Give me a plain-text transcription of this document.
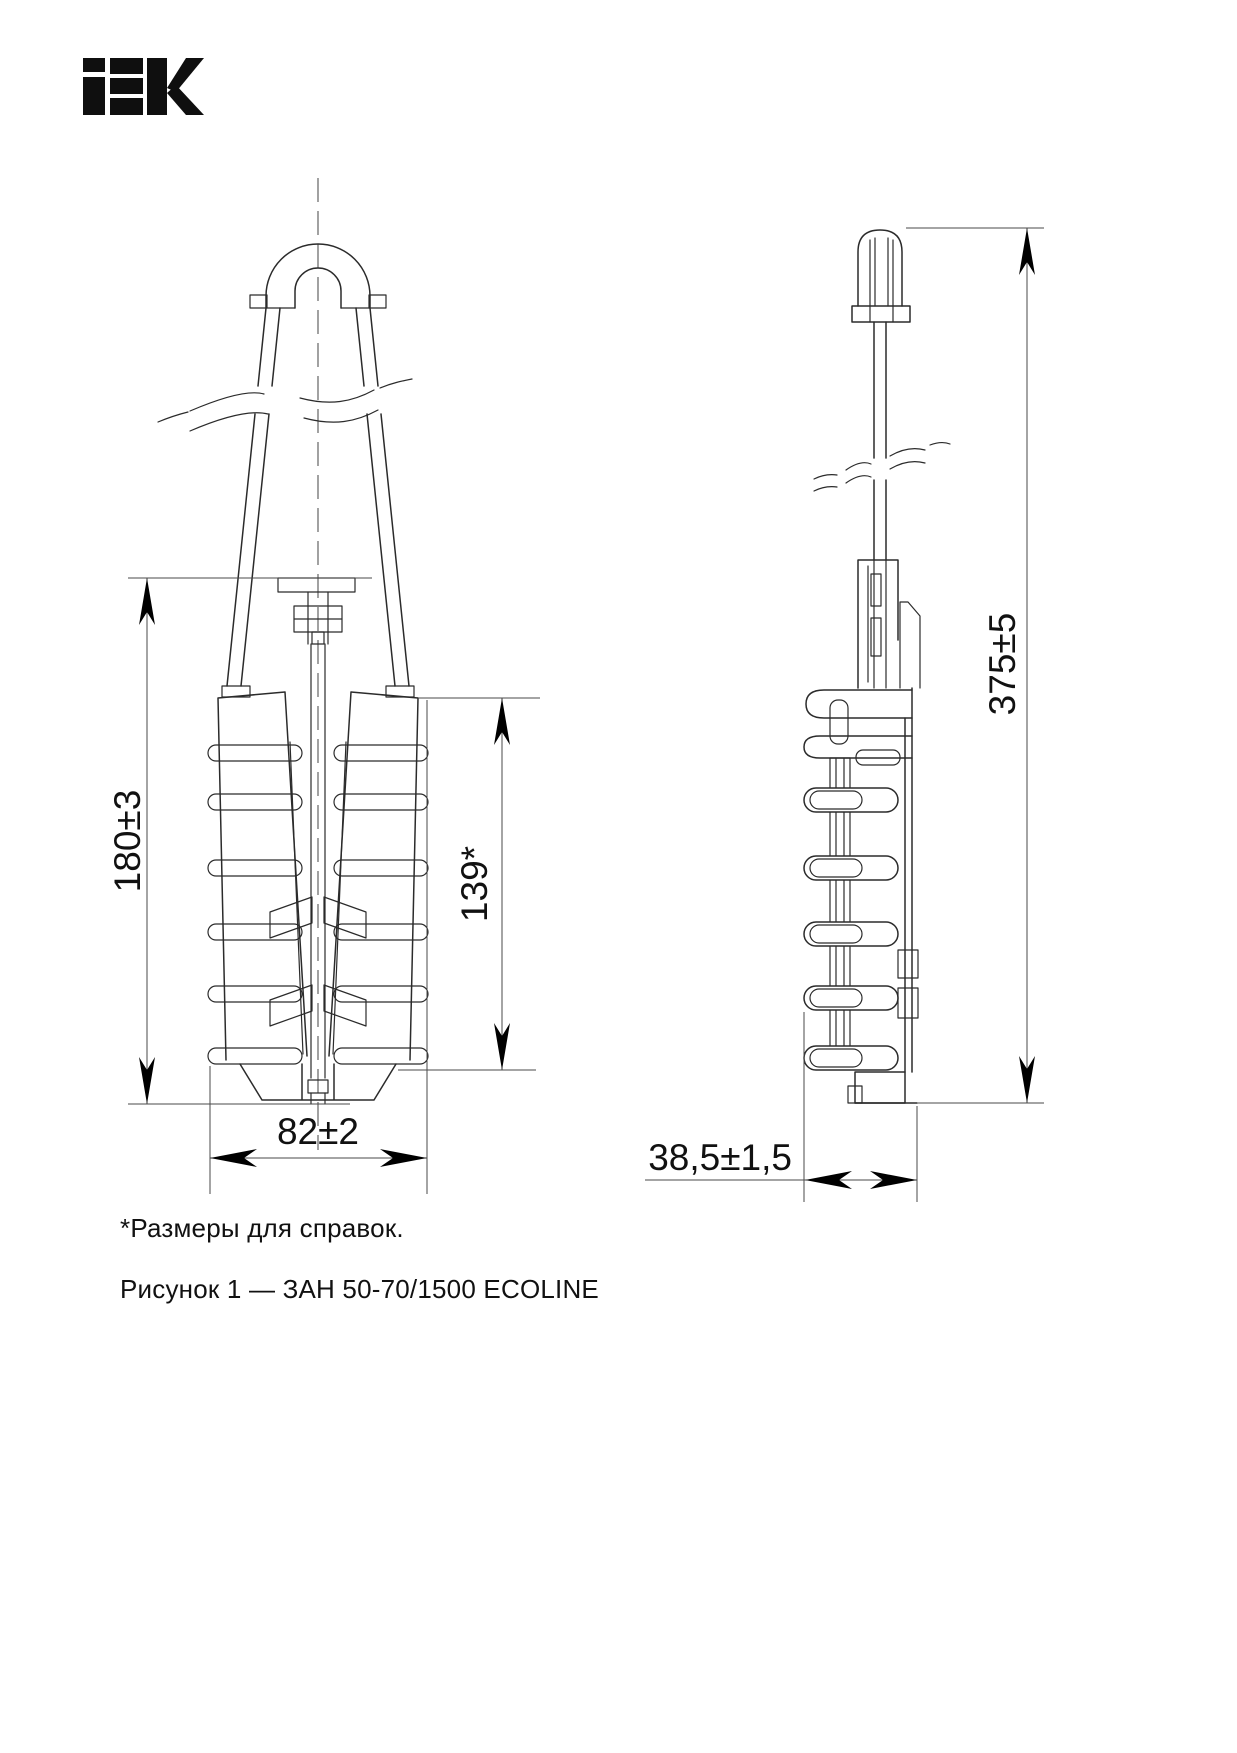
180±3	139*
82±2
375±5
38,5±1,5
*Размеры для справок.
Рисунок 1 — ЗАН 50-70/1500 ECOLINE
